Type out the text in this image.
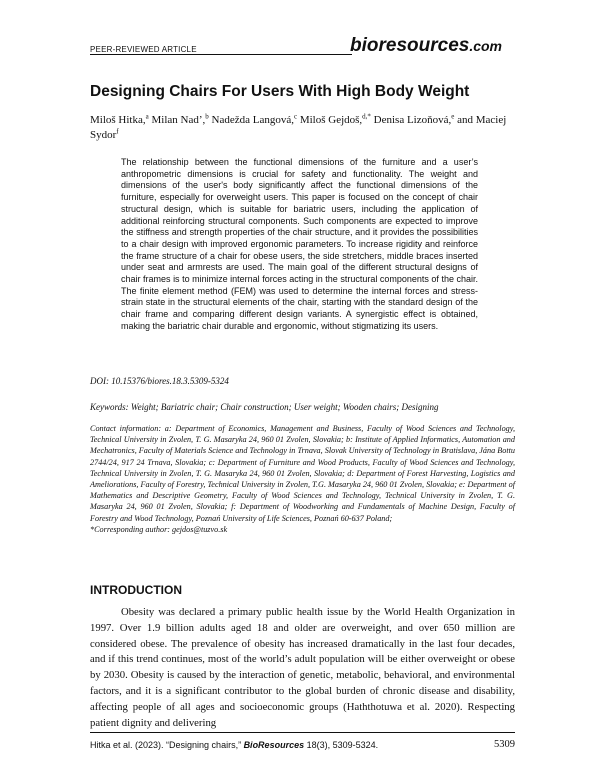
PEER-REVIEWED ARTICLE	bioresources.com
Designing Chairs For Users With High Body Weight
Miloš Hitka,$^a$ Milan Nad’,$^b$ Nadežda Langová,$^c$ Miloš Gejdoš,$^{d,*}$ Denisa Lizoňová,$^e$ and Maciej Sydor$^f$
The relationship between the functional dimensions of the furniture and a user’s anthropometric dimensions is crucial for safety and functionality. The weight and dimensions of the user's body significantly affect the functional dimensions of the furniture, especially for overweight users. This paper is focused on the concept of chair structural design, which is suitable for bariatric users, including the application of additional reinforcing structural components. Such components are expected to improve the stiffness and strength properties of the chair structure, and it provides the possibilities to a chair design with improved ergonomic parameters. To increase rigidity and reinforce the frame structure of a chair for obese users, the side stretchers, middle braces inserted under seat and armrests are used. The main goal of the different structural designs of chair frames is to minimize internal forces acting in the structural components of the chair. The finite element method (FEM) was used to determine the internal forces and stress-strain state in the structural elements of the chair, starting with the standard design of the chair frame and comparing different design variants. A synergistic effect is obtained, making the bariatric chair durable and ergonomic, without stigmatizing its users.
DOI: 10.15376/biores.18.3.5309-5324
Keywords: Weight; Bariatric chair; Chair construction; User weight; Wooden chairs; Designing
Contact information: a: Department of Economics, Management and Business, Faculty of Wood Sciences and Technology, Technical University in Zvolen, T. G. Masaryka 24, 960 01 Zvolen, Slovakia; b: Institute of Applied Informatics, Automation and Mechatronics, Faculty of Materials Science and Technology in Trnava, Slovak University of Technology in Bratislava, Jána Bottu 2744/24, 917 24 Trnava, Slovakia; c: Department of Furniture and Wood Products, Faculty of Wood Sciences and Technology, Technical University in Zvolen, T. G. Masaryka 24, 960 01 Zvolen, Slovakia; d: Department of Forest Harvesting, Logistics and Ameliorations, Faculty of Forestry, Technical University in Zvolen, T.G. Masaryka 24, 960 01 Zvolen, Slovakia; e: Department of Mathematics and Descriptive Geometry, Faculty of Wood Sciences and Technology, Technical University in Zvolen, T. G. Masaryka 24, 960 01 Zvolen, Slovakia; f: Department of Woodworking and Fundamentals of Machine Design, Faculty of Forestry and Wood Technology, Poznań University of Life Sciences, Poznań 60-637 Poland;
*Corresponding author: gejdos@tuzvo.sk
INTRODUCTION
Obesity was declared a primary public health issue by the World Health Organization in 1997. Over 1.9 billion adults aged 18 and older are overweight, and over 650 million are considered obese. The prevalence of obesity has increased dramatically in the last four decades, and if this trend continues, most of the world’s adult population will be either overweight or obese by 2030. Obesity is caused by the interaction of genetic, metabolic, behavioral, and environmental factors, and it is a significant contributor to the global burden of chronic disease and disability, affecting people of all ages and socioeconomic groups (Haththotuwa et al. 2020). Respecting patient dignity and delivering
Hitka et al. (2023). “Designing chairs,” BioResources 18(3), 5309-5324.	5309
